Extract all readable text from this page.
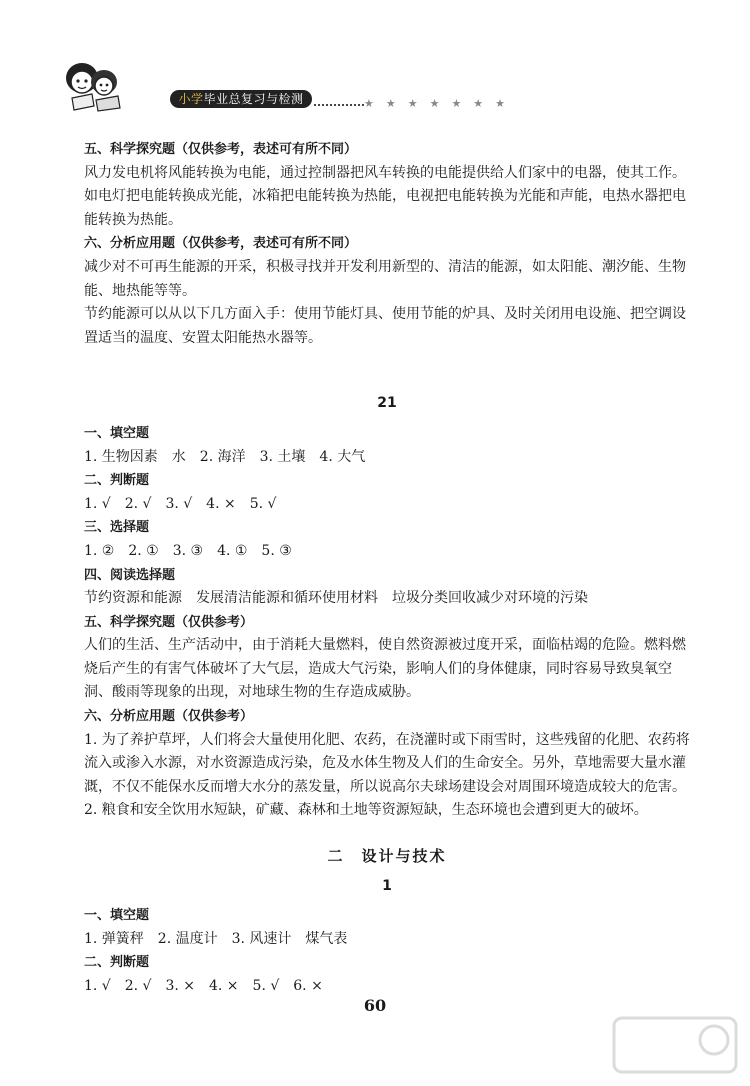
小学毕业总复习与检测	★★★★★★★
五、科学探究题（仅供参考，表述可有所不同）
风力发电机将风能转换为电能，通过控制器把风车转换的电能提供给人们家中的电器，使其工作。如电灯把电能转换成光能，冰箱把电能转换为热能，电视把电能转换为光能和声能，电热水器把电能转换为热能。
六、分析应用题（仅供参考，表述可有所不同）
减少对不可再生能源的开采，积极寻找并开发利用新型的、清洁的能源，如太阳能、潮汐能、生物能、地热能等等。
节约能源可以从以下几方面入手：使用节能灯具、使用节能的炉具、及时关闭用电设施、把空调设置适当的温度、安置太阳能热水器等。
21
一、填空题
1. 生物因素　水　2. 海洋　3. 土壤　4. 大气
二、判断题
1. √　2. √　3. √　4. ×　5. √
三、选择题
1. ②　2. ①　3. ③　4. ①　5. ③
四、阅读选择题
节约资源和能源　发展清洁能源和循环使用材料　垃圾分类回收减少对环境的污染
五、科学探究题（仅供参考）
人们的生活、生产活动中，由于消耗大量燃料，使自然资源被过度开采，面临枯竭的危险。燃料燃烧后产生的有害气体破坏了大气层，造成大气污染，影响人们的身体健康，同时容易导致臭氧空洞、酸雨等现象的出现，对地球生物的生存造成威胁。
六、分析应用题（仅供参考）
1. 为了养护草坪，人们将会大量使用化肥、农药，在浇灌时或下雨雪时，这些残留的化肥、农药将流入或渗入水源，对水资源造成污染，危及水体生物及人们的生命安全。另外，草地需要大量水灌溉，不仅不能保水反而增大水分的蒸发量，所以说高尔夫球场建设会对周围环境造成较大的危害。
2. 粮食和安全饮用水短缺，矿藏、森林和土地等资源短缺，生态环境也会遭到更大的破坏。
二　设计与技术
1
一、填空题
1. 弹簧秤　2. 温度计　3. 风速计　煤气表
二、判断题
1. √　2. √　3. ×　4. ×　5. √　6. ×
60
